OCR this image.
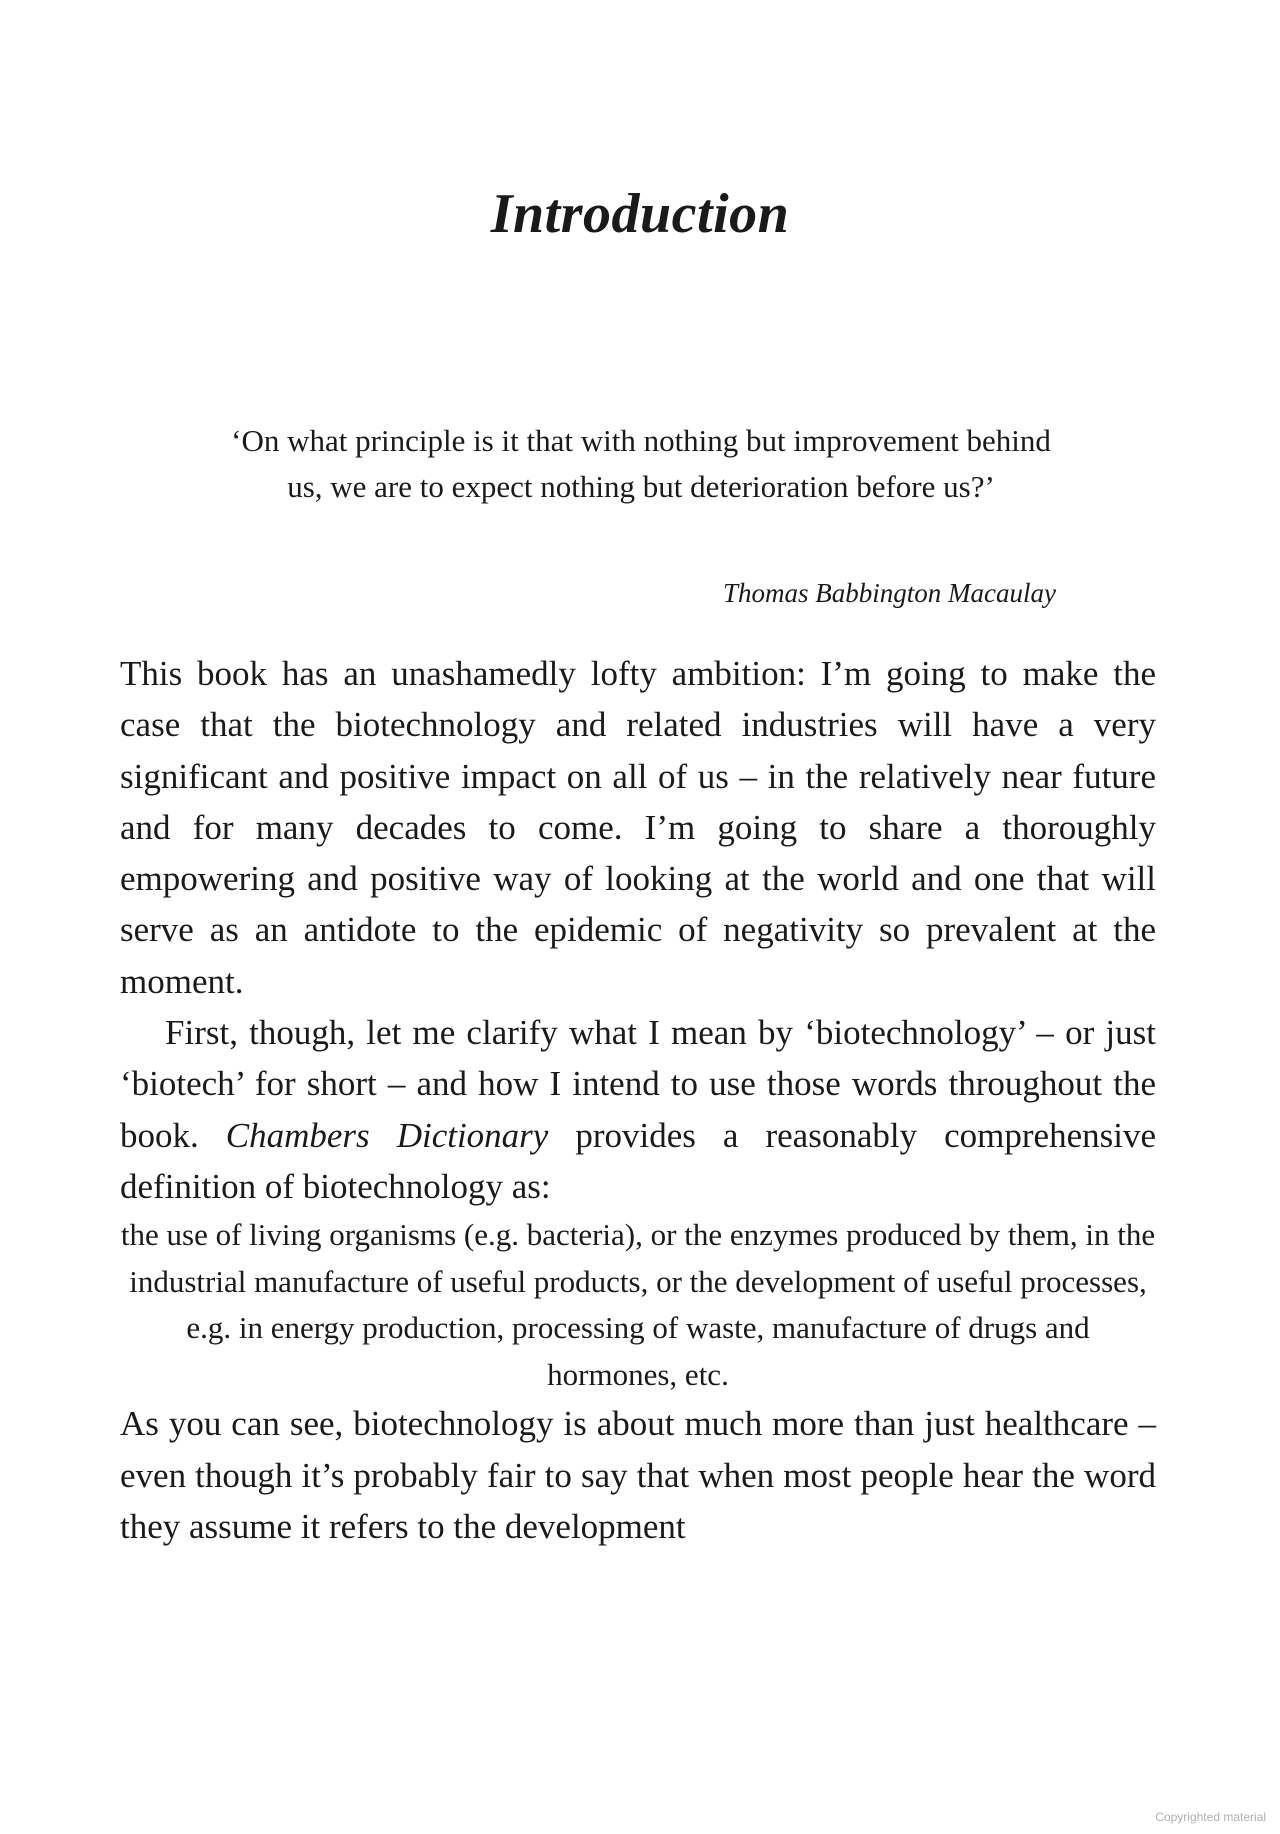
Introduction

‘On what principle is it that with nothing but improvement behind us, we are to expect nothing but deterioration before us?’

Thomas Babbington Macaulay

This book has an unashamedly lofty ambition: I’m going to make the case that the biotechnology and related industries will have a very significant and positive impact on all of us – in the relatively near future and for many decades to come. I’m going to share a thoroughly empowering and positive way of looking at the world and one that will serve as an antidote to the epidemic of negativity so prevalent at the moment.

First, though, let me clarify what I mean by ‘biotechnology’ – or just ‘biotech’ for short – and how I intend to use those words throughout the book. Chambers Dictionary provides a reasonably comprehensive definition of biotechnology as:

the use of living organisms (e.g. bacteria), or the enzymes produced by them, in the industrial manufacture of useful products, or the development of useful processes, e.g. in energy production, processing of waste, manufacture of drugs and hormones, etc.

As you can see, biotechnology is about much more than just healthcare – even though it’s probably fair to say that when most people hear the word they assume it refers to the development

Copyrighted material
